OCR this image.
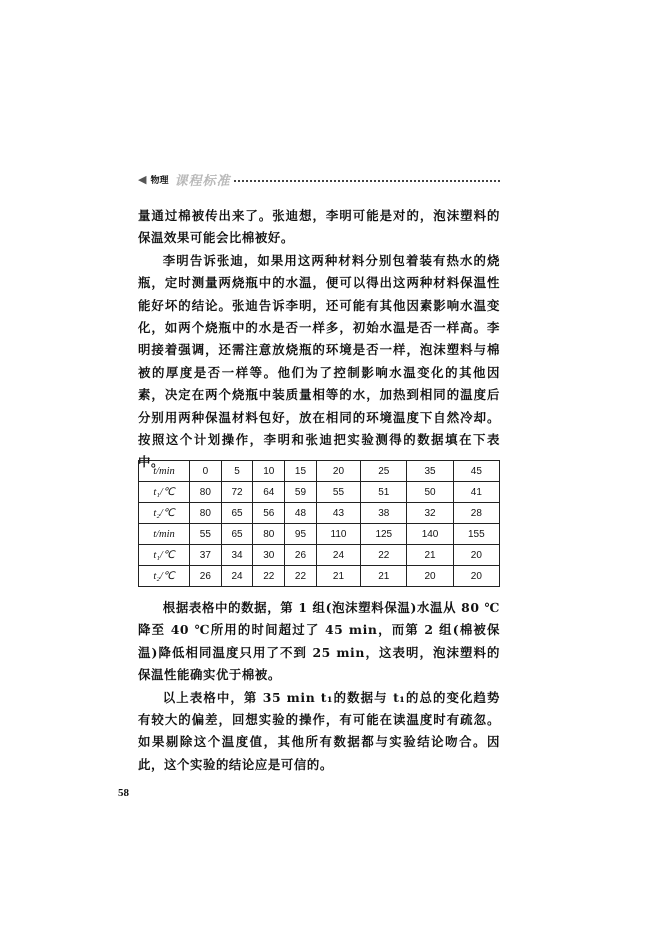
◀ 物理 课程标准

量通过棉被传出来了。张迪想，李明可能是对的，泡沫塑料的保温效果可能会比棉被好。

李明告诉张迪，如果用这两种材料分别包着装有热水的烧瓶，定时测量两烧瓶中的水温，便可以得出这两种材料保温性能好坏的结论。张迪告诉李明，还可能有其他因素影响水温变化，如两个烧瓶中的水是否一样多，初始水温是否一样高。李明接着强调，还需注意放烧瓶的环境是否一样，泡沫塑料与棉被的厚度是否一样等。他们为了控制影响水温变化的其他因素，决定在两个烧瓶中装质量相等的水，加热到相同的温度后分别用两种保温材料包好，放在相同的环境温度下自然冷却。按照这个计划操作，李明和张迪把实验测得的数据填在下表中。

t/min	0	5	10	15	20	25	35	45
t₁/℃	80	72	64	59	55	51	50	41
t₂/℃	80	65	56	48	43	38	32	28
t/min	55	65	80	95	110	125	140	155
t₁/℃	37	34	30	26	24	22	21	20
t₂/℃	26	24	22	22	21	21	20	20

根据表格中的数据，第 1 组(泡沫塑料保温)水温从 80 ℃降至 40 ℃所用的时间超过了 45 min，而第 2 组(棉被保温)降低相同温度只用了不到 25 min，这表明，泡沫塑料的保温性能确实优于棉被。

以上表格中，第 35 min t₁的数据与 t₁的总的变化趋势有较大的偏差，回想实验的操作，有可能在读温度时有疏忽。如果剔除这个温度值，其他所有数据都与实验结论吻合。因此，这个实验的结论应是可信的。

58
